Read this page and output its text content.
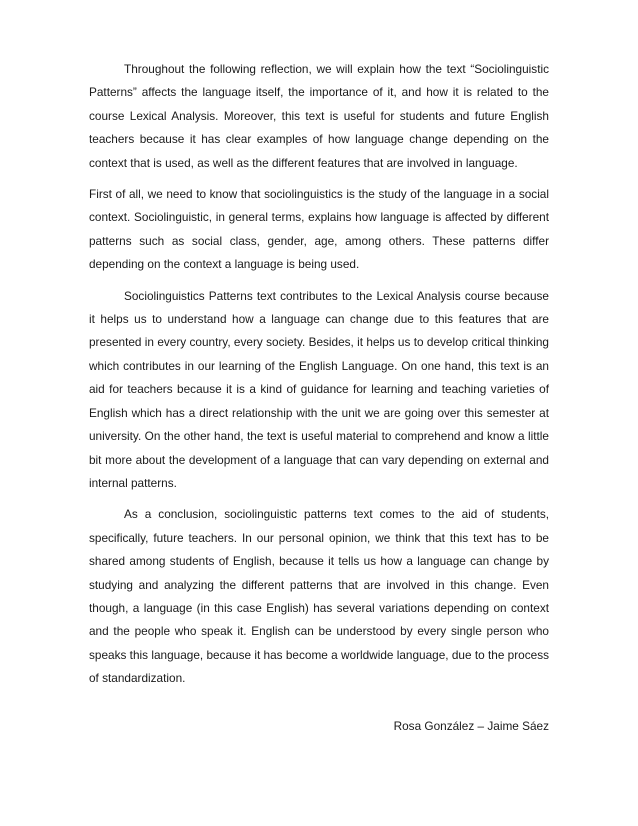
Throughout the following reflection, we will explain how the text “Sociolinguistic Patterns” affects the language itself, the importance of it, and how it is related to the course Lexical Analysis. Moreover, this text is useful for students and future English teachers because it has clear examples of how language change depending on the context that is used, as well as the different features that are involved in language.

First of all, we need to know that sociolinguistics is the study of the language in a social context. Sociolinguistic, in general terms, explains how language is affected by different patterns such as social class, gender, age, among others. These patterns differ depending on the context a language is being used.

Sociolinguistics Patterns text contributes to the Lexical Analysis course because it helps us to understand how a language can change due to this features that are presented in every country, every society. Besides, it helps us to develop critical thinking which contributes in our learning of the English Language. On one hand, this text is an aid for teachers because it is a kind of guidance for learning and teaching varieties of English which has a direct relationship with the unit we are going over this semester at university. On the other hand, the text is useful material to comprehend and know a little bit more about the development of a language that can vary depending on external and internal patterns.

As a conclusion, sociolinguistic patterns text comes to the aid of students, specifically, future teachers. In our personal opinion, we think that this text has to be shared among students of English, because it tells us how a language can change by studying and analyzing the different patterns that are involved in this change. Even though, a language (in this case English) has several variations depending on context and the people who speak it. English can be understood by every single person who speaks this language, because it has become a worldwide language, due to the process of standardization.

Rosa González – Jaime Sáez
